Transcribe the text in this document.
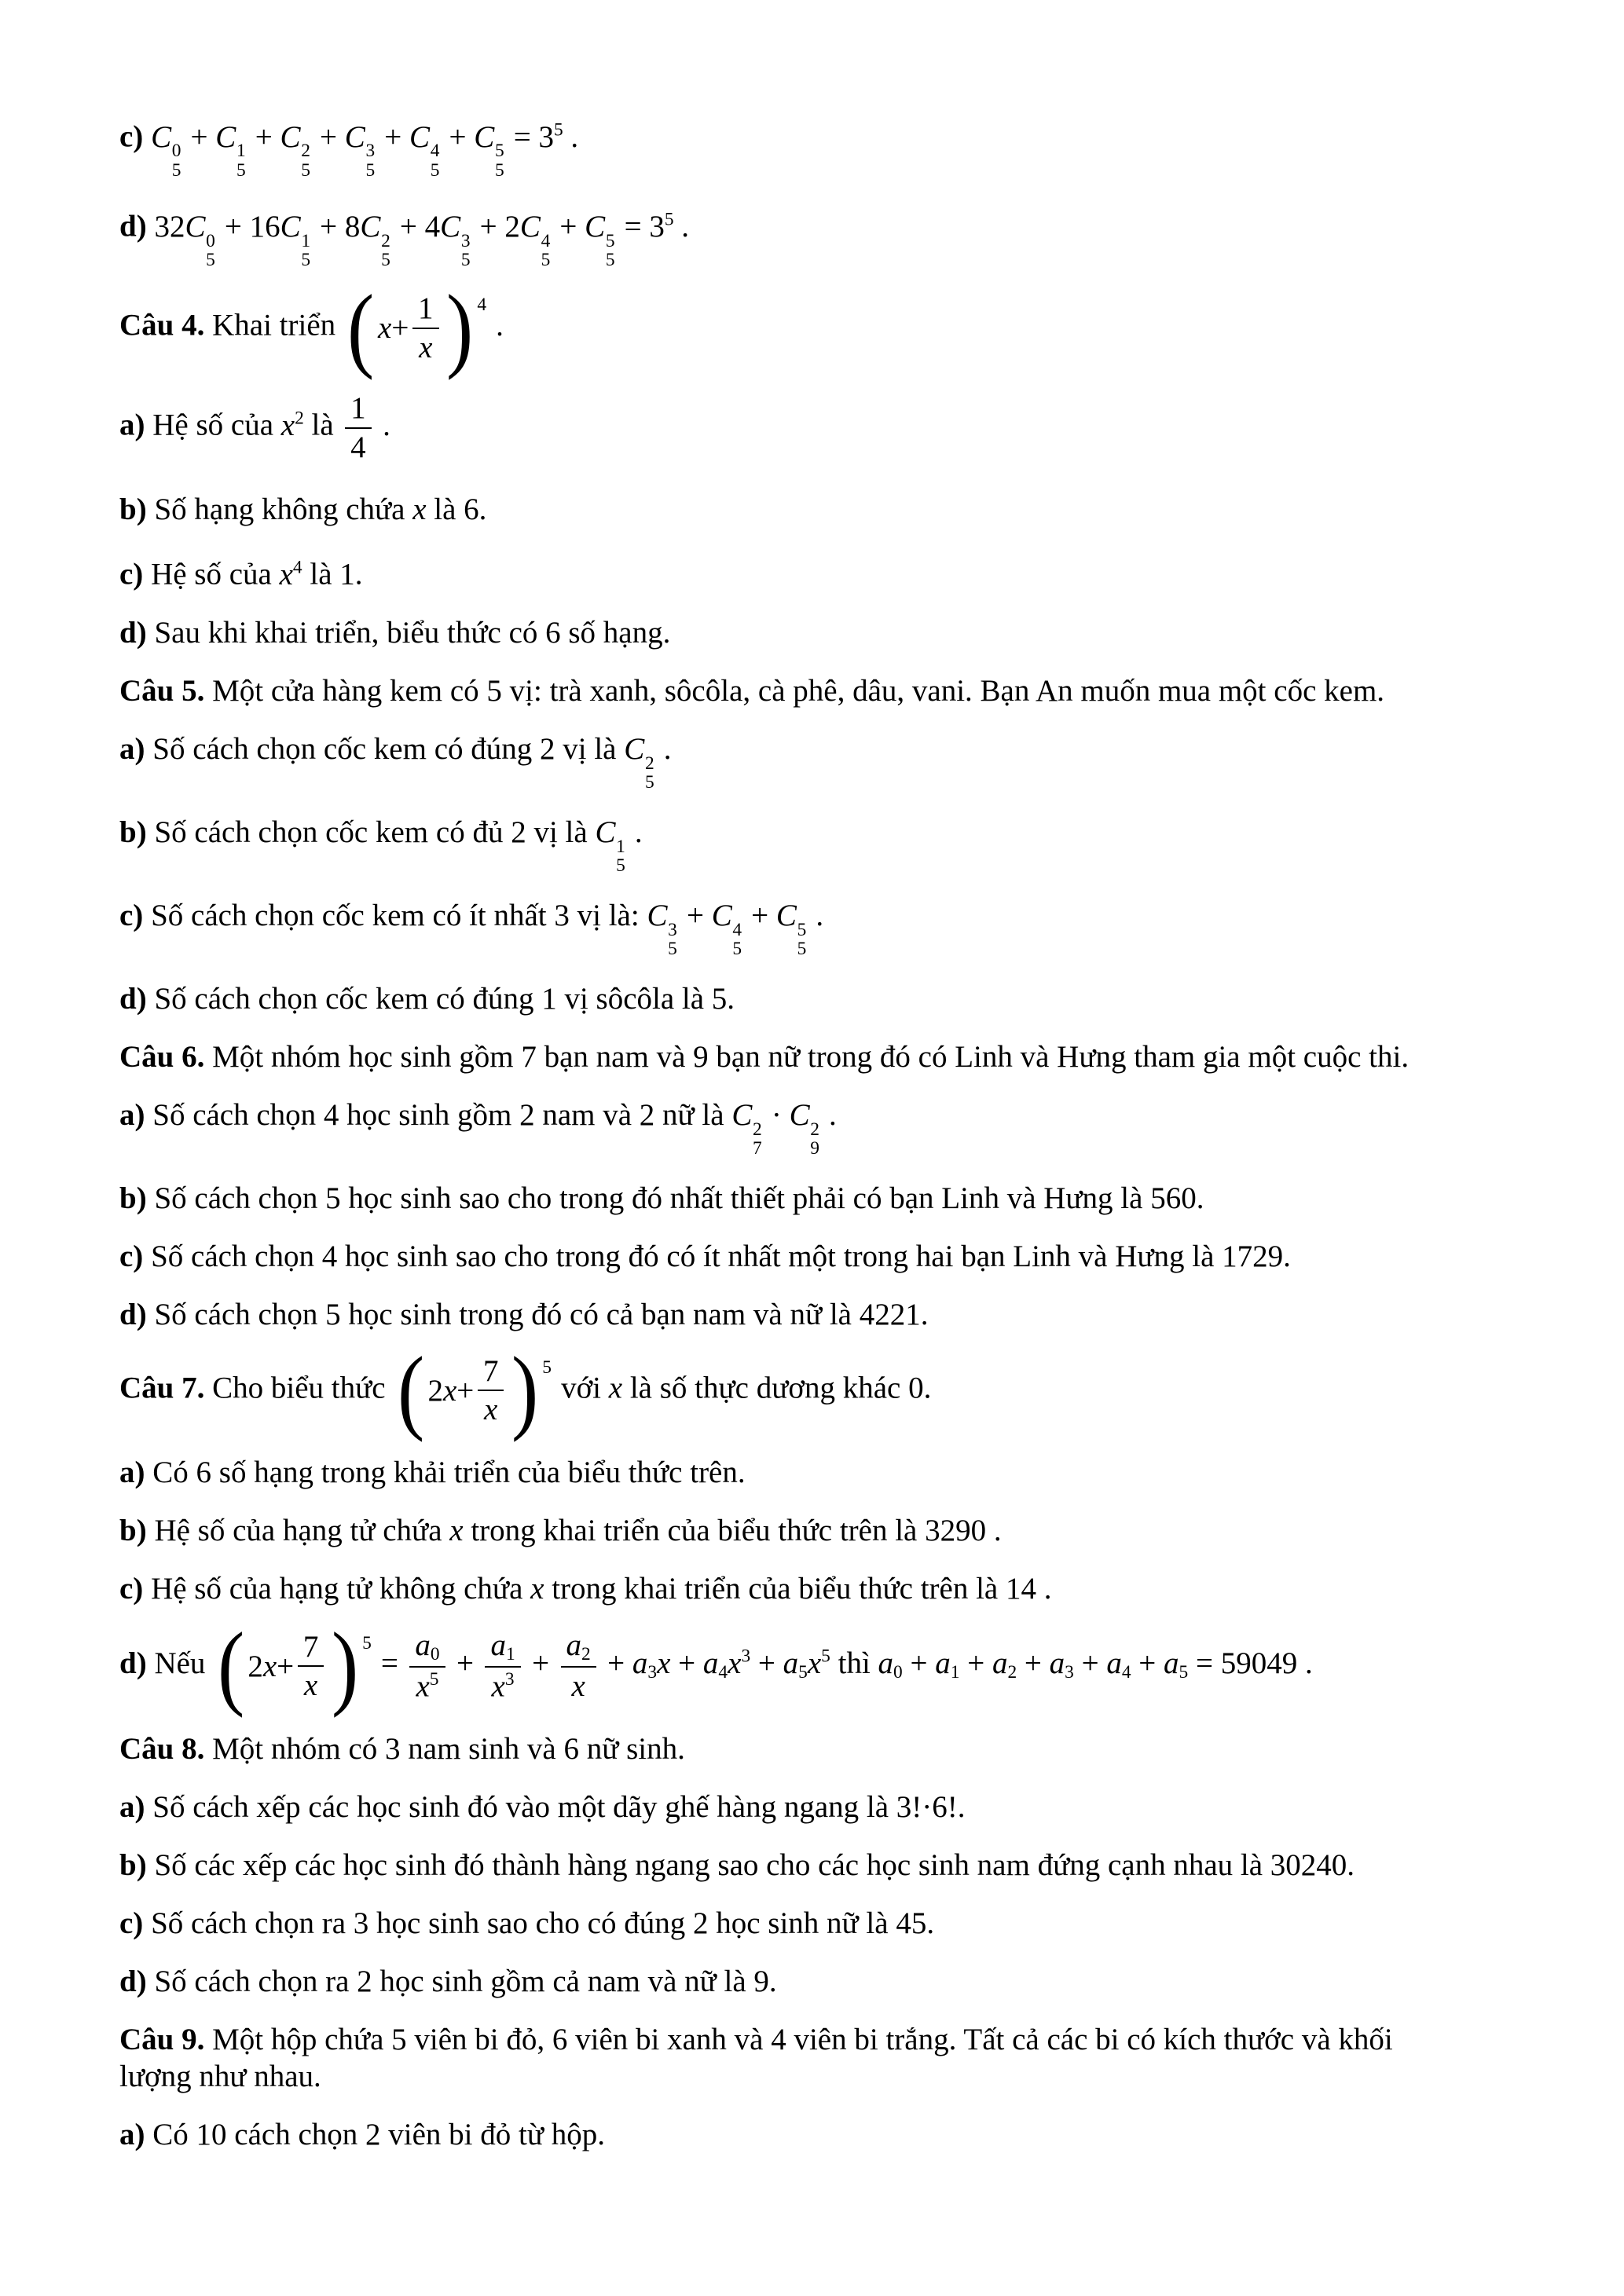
c) C 0
5
+ C 1
5
+ C 2
5
+ C 3
5
+ C 4
5
+ C 5
5
= $3^5$ .

d) 32C 0
5
+ 16C 1
5
+ 8C 2
5
+ 4C 3
5
+ 2C 4
5
+ C 5
5
= $3^5$ .

Câu 4. Khai triển ( $x + \frac{1}{x}$ ) 4
.

a) Hệ số của $x^2$ là $\frac{1}{4}$ .

b) Số hạng không chứa x là 6.

c) Hệ số của $x^4$ là 1.

d) Sau khi khai triển, biểu thức có 6 số hạng.

Câu 5. Một cửa hàng kem có 5 vị: trà xanh, sôcôla, cà phê, dâu, vani. Bạn An muốn mua một cốc kem.

a) Số cách chọn cốc kem có đúng 2 vị là C 2
5
.

b) Số cách chọn cốc kem có đủ 2 vị là C 1
5
.

c) Số cách chọn cốc kem có ít nhất 3 vị là: C 3
5
+ C 4
5
+ C 5
5
.

d) Số cách chọn cốc kem có đúng 1 vị sôcôla là 5.

Câu 6. Một nhóm học sinh gồm 7 bạn nam và 9 bạn nữ trong đó có Linh và Hưng tham gia một cuộc thi.

a) Số cách chọn 4 học sinh gồm 2 nam và 2 nữ là C 2
7
· C 2
9
.

b) Số cách chọn 5 học sinh sao cho trong đó nhất thiết phải có bạn Linh và Hưng là 560.

c) Số cách chọn 4 học sinh sao cho trong đó có ít nhất một trong hai bạn Linh và Hưng là 1729.

d) Số cách chọn 5 học sinh trong đó có cả bạn nam và nữ là 4221.

Câu 7. Cho biểu thức ( 2 $x + \frac{7}{x}$ ) 5
với x là số thực dương khác 0.

a) Có 6 số hạng trong khải triển của biểu thức trên.

b) Hệ số của hạng tử chứa x trong khai triển của biểu thức trên là 3290 .

c) Hệ số của hạng tử không chứa x trong khai triển của biểu thức trên là 14 .

d) Nếu ( 2 $x + \frac{7}{x}$ ) 5
= $\frac{a_0}{x^5} + \frac{a_1}{x^3} + \frac{a_2}{x} + a_3x + a_4x^3 + a_5x^5$ thì $a_0 + a_1 + a_2 + a_3 + a_4 + a_5 = 59049$ .

Câu 8. Một nhóm có 3 nam sinh và 6 nữ sinh.

a) Số cách xếp các học sinh đó vào một dãy ghế hàng ngang là 3!·6!.

b) Số các xếp các học sinh đó thành hàng ngang sao cho các học sinh nam đứng cạnh nhau là 30240.

c) Số cách chọn ra 3 học sinh sao cho có đúng 2 học sinh nữ là 45.

d) Số cách chọn ra 2 học sinh gồm cả nam và nữ là 9.

Câu 9. Một hộp chứa 5 viên bi đỏ, 6 viên bi xanh và 4 viên bi trắng. Tất cả các bi có kích thước và khối
lượng như nhau.

a) Có 10 cách chọn 2 viên bi đỏ từ hộp.
